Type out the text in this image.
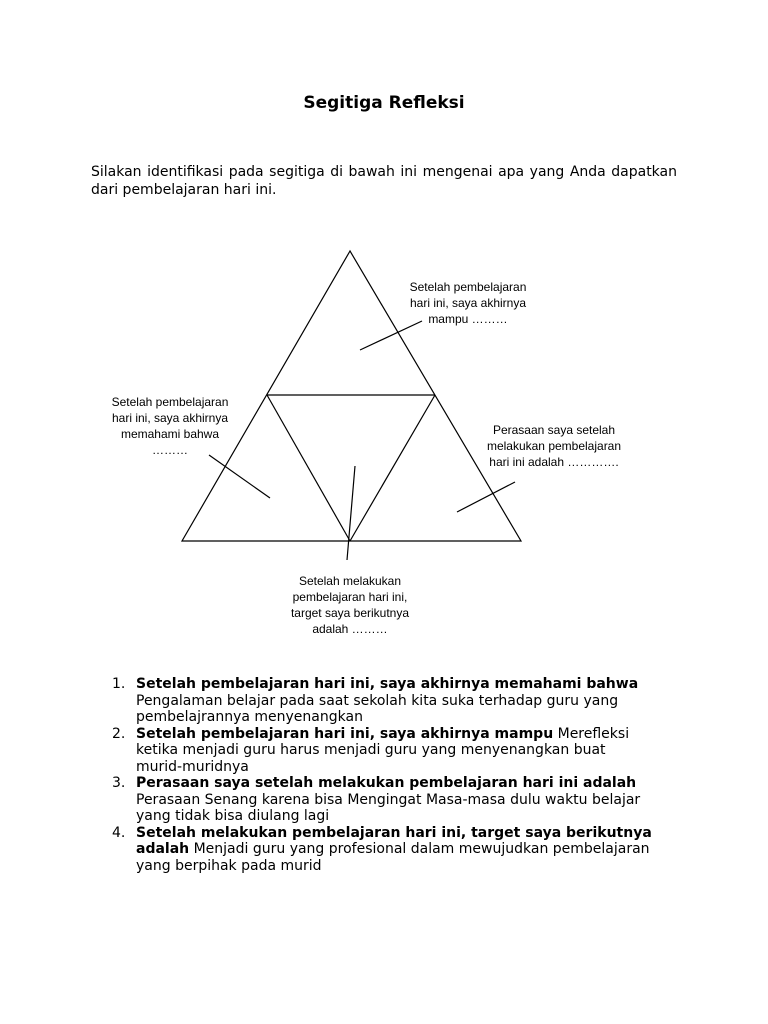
Segitiga Refleksi
Silakan identifikasi pada segitiga di bawah ini mengenai apa yang Anda dapatkan dari pembelajaran hari ini.
Setelah pembelajaran
hari ini, saya akhirnya
mampu ………
Setelah pembelajaran
hari ini, saya akhirnya
memahami bahwa
………
Perasaan saya setelah
melakukan pembelajaran
hari ini adalah ………….
Setelah melakukan
pembelajaran hari ini,
target saya berikutnya
adalah ………
1. Setelah pembelajaran hari ini, saya akhirnya memahami bahwa
Pengalaman belajar pada saat sekolah kita suka terhadap guru yang pembelajrannya menyenangkan
2. Setelah pembelajaran hari ini, saya akhirnya mampu Merefleksi ketika menjadi guru harus menjadi guru yang menyenangkan buat murid-muridnya
3. Perasaan saya setelah melakukan pembelajaran hari ini adalah
Perasaan Senang karena bisa Mengingat Masa-masa dulu waktu belajar yang tidak bisa diulang lagi
4. Setelah melakukan pembelajaran hari ini, target saya berikutnya adalah Menjadi guru yang profesional dalam mewujudkan pembelajaran yang berpihak pada murid
